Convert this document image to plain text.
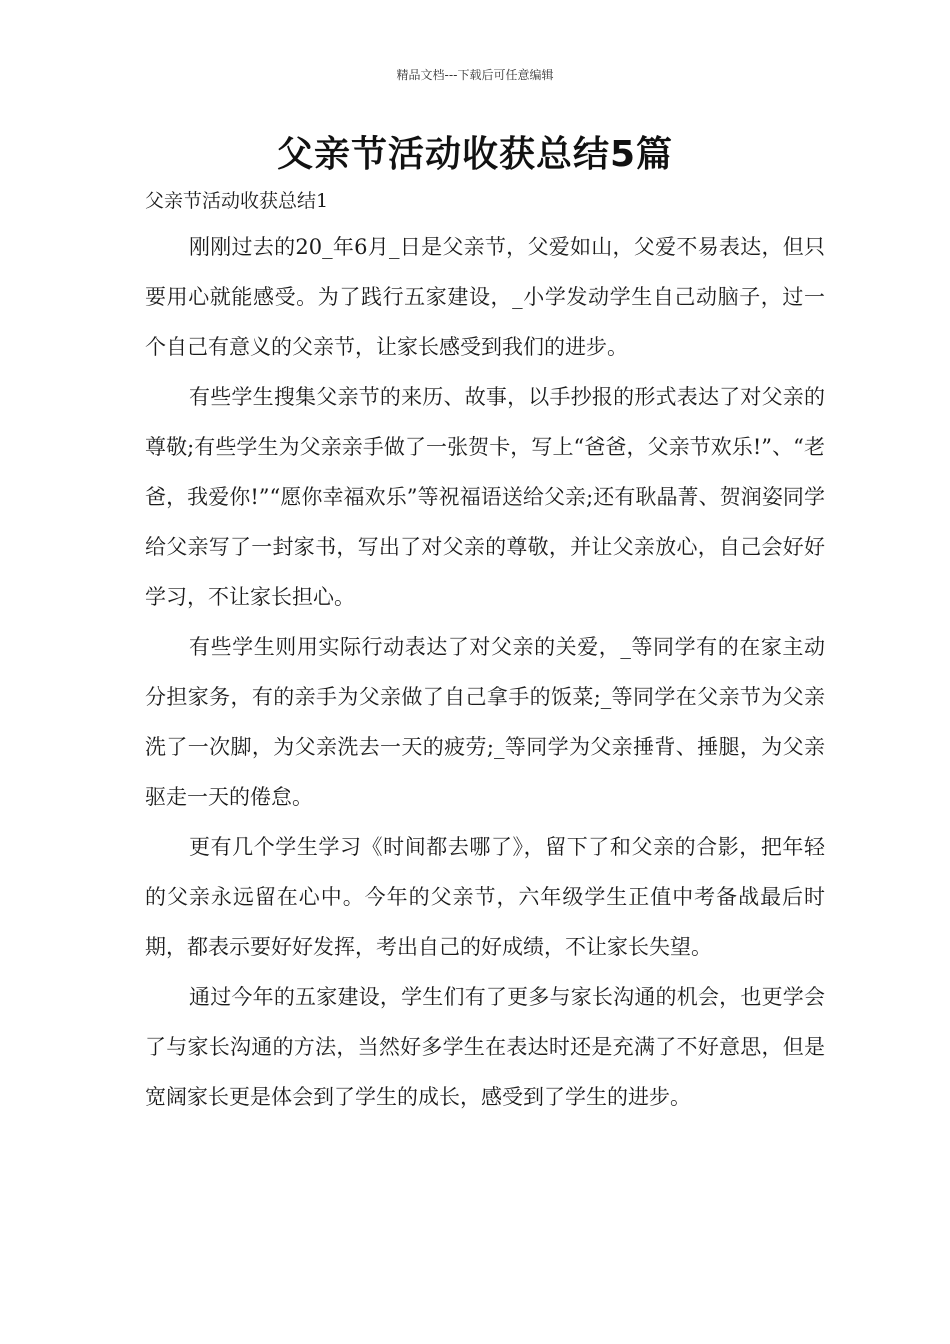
精品文档---下载后可任意编辑
父亲节活动收获总结5篇
父亲节活动收获总结1

刚刚过去的20_年6月_日是父亲节，父爱如山，父爱不易表达，但只要用心就能感受。为了践行五家建设，_小学发动学生自己动脑子，过一个自己有意义的父亲节，让家长感受到我们的进步。

有些学生搜集父亲节的来历、故事，以手抄报的形式表达了对父亲的尊敬;有些学生为父亲亲手做了一张贺卡，写上“爸爸，父亲节欢乐!”、“老爸，我爱你!”“愿你幸福欢乐”等祝福语送给父亲;还有耿晶菁、贺润姿同学给父亲写了一封家书，写出了对父亲的尊敬，并让父亲放心，自己会好好学习，不让家长担心。

有些学生则用实际行动表达了对父亲的关爱，_等同学有的在家主动分担家务，有的亲手为父亲做了自己拿手的饭菜;_等同学在父亲节为父亲洗了一次脚，为父亲洗去一天的疲劳;_等同学为父亲捶背、捶腿，为父亲驱走一天的倦怠。

更有几个学生学习《时间都去哪了》，留下了和父亲的合影，把年轻的父亲永远留在心中。今年的父亲节，六年级学生正值中考备战最后时期，都表示要好好发挥，考出自己的好成绩，不让家长失望。

通过今年的五家建设，学生们有了更多与家长沟通的机会，也更学会了与家长沟通的方法，当然好多学生在表达时还是充满了不好意思，但是宽阔家长更是体会到了学生的成长，感受到了学生的进步。
